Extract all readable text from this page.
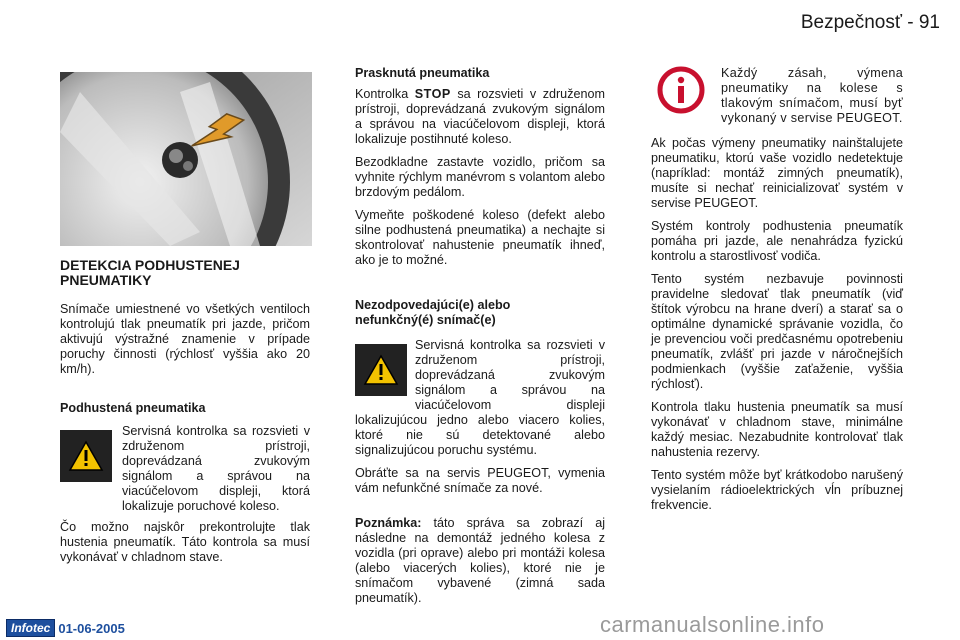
Bezpečnosť - 91
DETEKCIA PODHUSTENEJ PNEUMATIKY

Snímače umiestnené vo všetkých ventiloch kontrolujú tlak pneumatík pri jazde, pričom aktivujú výstražné znamenie v prípade poruchy činnosti (rýchlosť vyššia ako 20 km/h).

Podhustená pneumatika
Servisná kontrolka sa rozsvieti v združenom prístroji, doprevádzaná zvukovým signálom a správou na viacúčelovom displeji, ktorá lokalizuje poruchové koleso.

Čo možno najskôr prekontrolujte tlak hustenia pneumatík. Táto kontrola sa musí vykonávať v chladnom stave.

Prasknutá pneumatika

Kontrolka STOP sa rozsvieti v združenom prístroji, doprevádzaná zvukovým signálom a správou na viacúčelovom displeji, ktorá lokalizuje postihnuté koleso.

Bezodkladne zastavte vozidlo, pričom sa vyhnite rýchlym manévrom s volantom alebo brzdovým pedálom.

Vymeňte poškodené koleso (defekt alebo silne podhustená pneumatika) a nechajte si skontrolovať nahustenie pneumatík ihneď, ako je to možné.

Nezodpovedajúci(e) alebo nefunkčný(é) snímač(e)

Servisná kontrolka sa rozsvieti v združenom prístroji, doprevádzaná zvukovým signálom a správou na viacúčelovom displeji lokalizujúcou jedno alebo viacero kolies, ktoré nie sú detektované alebo signalizujúcou poruchu systému.

Obráťte sa na servis PEUGEOT, vymenia vám nefunkčné snímače za nové.

Poznámka: táto správa sa zobrazí aj následne na demontáž jedného kolesa z vozidla (pri oprave) alebo pri montáži kolesa (alebo viacerých kolies), ktoré nie je snímačom vybavené (zimná sada pneumatík).

Každý zásah, výmena pneumatiky na kolese s tlakovým snímačom, musí byť vykonaný v servise PEUGEOT.

Ak počas výmeny pneumatiky nainštalujete pneumatiku, ktorú vaše vozidlo nedetektuje (napríklad: montáž zimných pneumatík), musíte si nechať reinicializovať systém v servise PEUGEOT.

Systém kontroly podhustenia pneumatík pomáha pri jazde, ale nenahrádza fyzickú kontrolu a starostlivosť vodiča.

Tento systém nezbavuje povinnosti pravidelne sledovať tlak pneumatík (viď štítok výrobcu na hrane dverí) a starať sa o optimálne dynamické správanie vozidla, čo je prevenciou voči predčasnému opotrebeniu pneumatík, zvlášť pri jazde v náročnejších podmienkach (vyššie zaťaženie, vyššia rýchlosť).

Kontrola tlaku hustenia pneumatík sa musí vykonávať v chladnom stave, minimálne každý mesiac. Nezabudnite kontrolovať tlak nahustenia rezervy.

Tento systém môže byť krátkodobo narušený vysielaním rádioelektrických vĺn príbuznej frekvencie.

Infotec 01-06-2005	carmanualsonline.info
